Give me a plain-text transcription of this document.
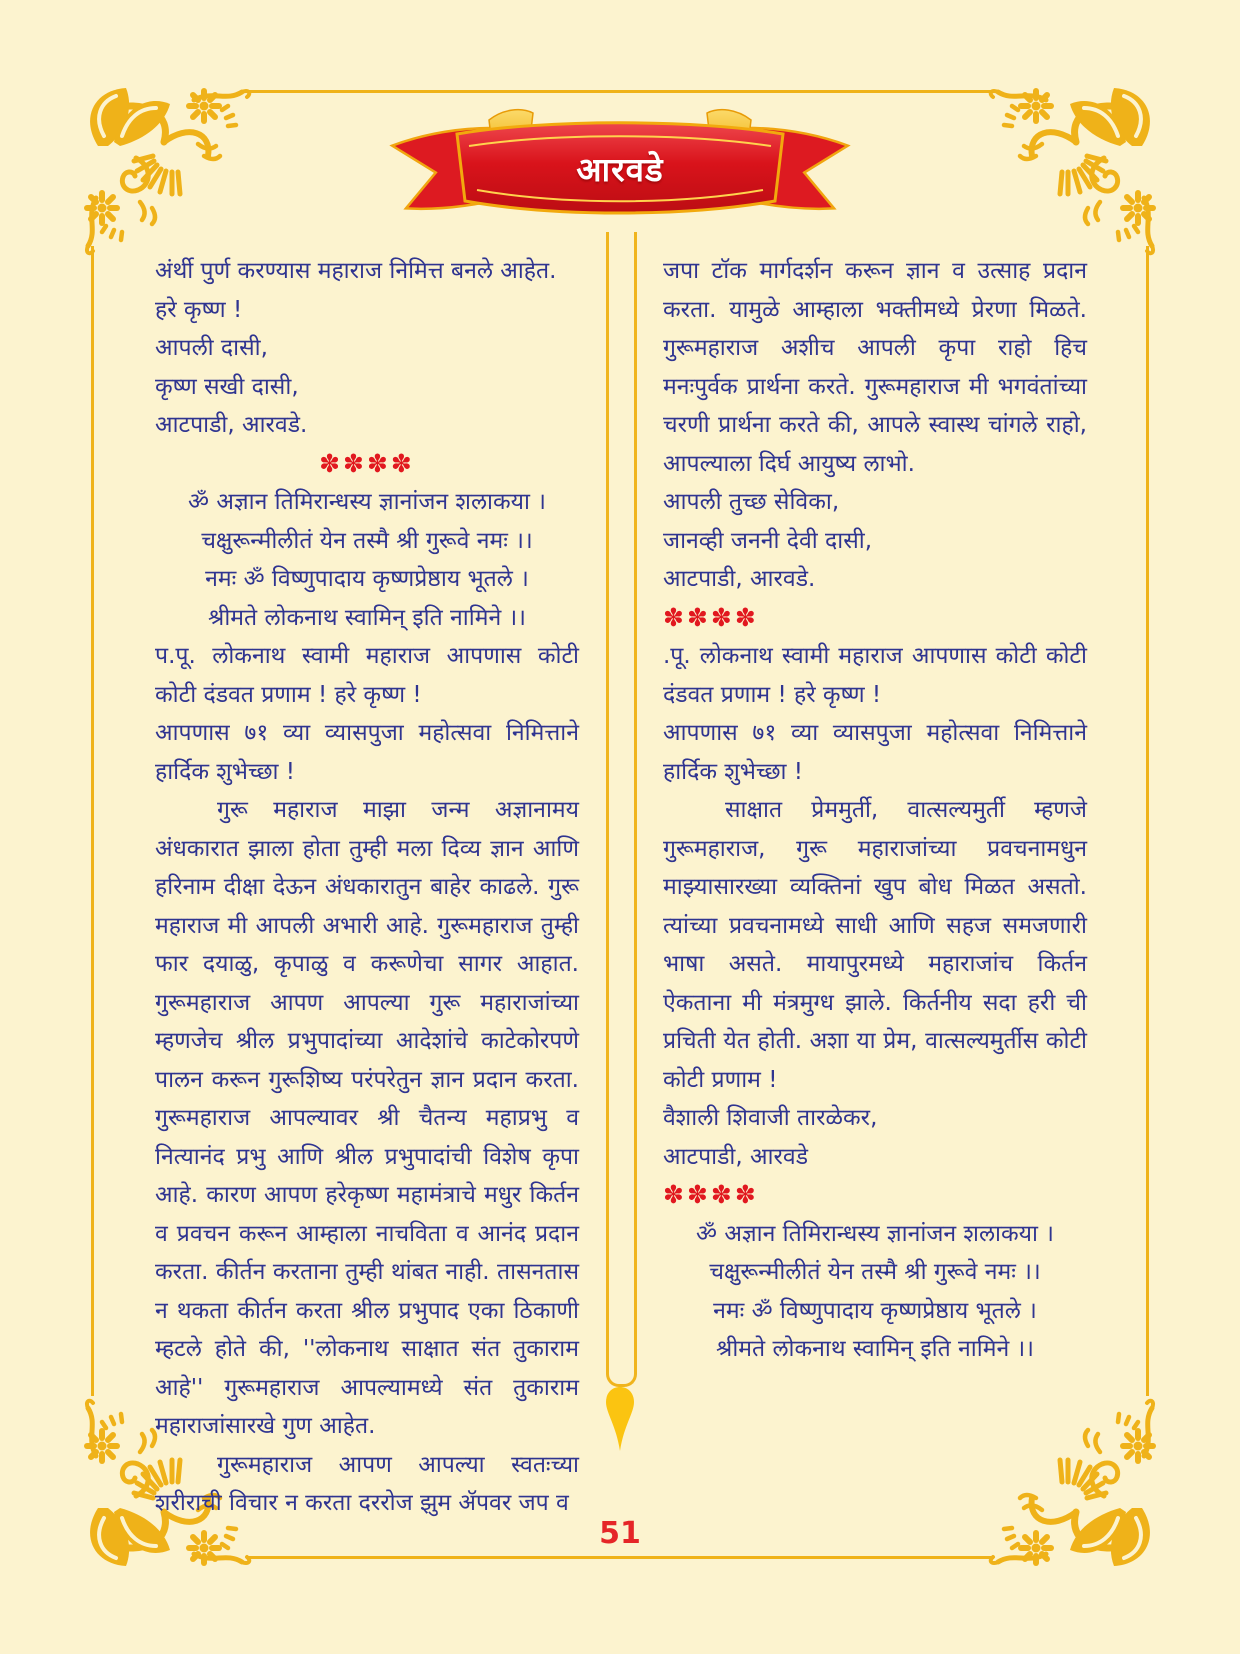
आरवडे

अंर्थी पुर्ण करण्यास महाराज निमित्त बनले आहेत.

हरे कृष्ण !

आपली दासी,

कृष्ण सखी दासी,

आटपाडी, आरवडे.

✽✽✽✽

ॐ अज्ञान तिमिरान्धस्य ज्ञानांजन शलाकया ।

चक्षुरून्मीलीतं येन तस्मै श्री गुरूवे नमः ।।

नमः ॐ विष्णुपादाय कृष्णप्रेष्ठाय भूतले ।

श्रीमते लोकनाथ स्वामिन् इति नामिने ।।

प.पू. लोकनाथ स्वामी महाराज आपणास कोटी कोटी दंडवत प्रणाम ! हरे कृष्ण !

आपणास ७१ व्या व्यासपुजा महोत्सवा निमित्ताने हार्दिक शुभेच्छा !

गुरू महाराज माझा जन्म अज्ञानामय अंधकारात झाला होता तुम्ही मला दिव्य ज्ञान आणि हरिनाम दीक्षा देऊन अंधकारातुन बाहेर काढले. गुरू महाराज मी आपली अभारी आहे. गुरूमहाराज तुम्ही फार दयाळु, कृपाळु व करूणेचा सागर आहात. गुरूमहाराज आपण आपल्या गुरू महाराजांच्या म्हणजेच श्रील प्रभुपादांच्या आदेशांचे काटेकोरपणे पालन करून गुरूशिष्य परंपरेतुन ज्ञान प्रदान करता. गुरूमहाराज आपल्यावर श्री चैतन्य महाप्रभु व नित्यानंद प्रभु आणि श्रील प्रभुपादांची विशेष कृपा आहे. कारण आपण हरेकृष्ण महामंत्राचे मधुर किर्तन व प्रवचन करून आम्हाला नाचविता व आनंद प्रदान करता. कीर्तन करताना तुम्ही थांबत नाही. तासनतास न थकता कीर्तन करता श्रील प्रभुपाद एका ठिकाणी म्हटले होते की, ''लोकनाथ साक्षात संत तुकाराम आहे'' गुरूमहाराज आपल्यामध्ये संत तुकाराम महाराजांसारखे गुण आहेत.

गुरूमहाराज आपण आपल्या स्वतःच्या शरीराची विचार न करता दररोज झुम ॲपवर जप व

जपा टॉक मार्गदर्शन करून ज्ञान व उत्साह प्रदान करता. यामुळे आम्हाला भक्तीमध्ये प्रेरणा मिळते. गुरूमहाराज अशीच आपली कृपा राहो हिच मनःपुर्वक प्रार्थना करते. गुरूमहाराज मी भगवंतांच्या चरणी प्रार्थना करते की, आपले स्वास्थ चांगले राहो, आपल्याला दिर्घ आयुष्य लाभो.

आपली तुच्छ सेविका,

जानव्ही जननी देवी दासी,

आटपाडी, आरवडे.

✽✽✽✽

.पू. लोकनाथ स्वामी महाराज आपणास कोटी कोटी दंडवत प्रणाम ! हरे कृष्ण !

आपणास ७१ व्या व्यासपुजा महोत्सवा निमित्ताने हार्दिक शुभेच्छा !

साक्षात प्रेममुर्ती, वात्सल्यमुर्ती म्हणजे गुरूमहाराज, गुरू महाराजांच्या प्रवचनामधुन माझ्यासारख्या व्यक्तिनां खुप बोध मिळत असतो. त्यांच्या प्रवचनामध्ये साधी आणि सहज समजणारी भाषा असते. मायापुरमध्ये महाराजांच किर्तन ऐकताना मी मंत्रमुग्ध झाले. किर्तनीय सदा हरी ची प्रचिती येत होती. अशा या प्रेम, वात्सल्यमुर्तीस कोटी कोटी प्रणाम !

वैशाली शिवाजी तारळेकर,

आटपाडी, आरवडे

✽✽✽✽

ॐ अज्ञान तिमिरान्धस्य ज्ञानांजन शलाकया ।

चक्षुरून्मीलीतं येन तस्मै श्री गुरूवे नमः ।।

नमः ॐ विष्णुपादाय कृष्णप्रेष्ठाय भूतले ।

श्रीमते लोकनाथ स्वामिन् इति नामिने ।।

51
